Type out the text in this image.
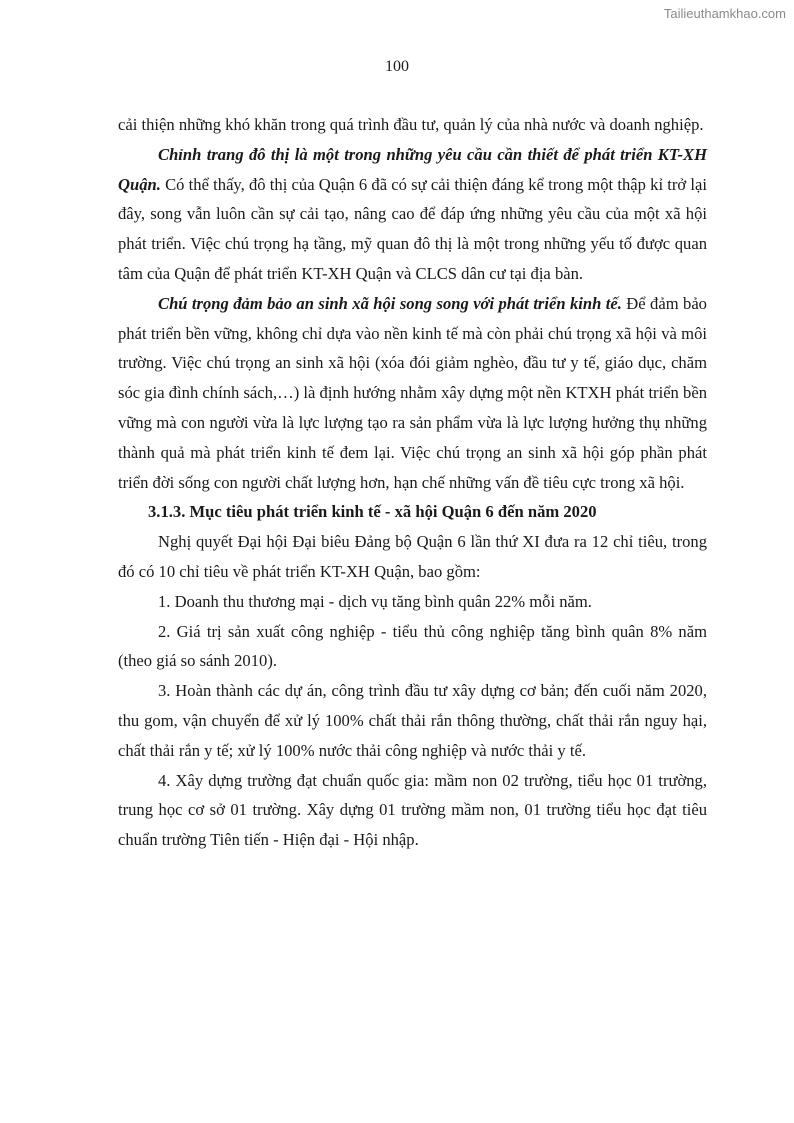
Tailieuthamkhao.com
100

cải thiện những khó khăn trong quá trình đầu tư, quản lý của nhà nước và doanh nghiệp.

Chỉnh trang đô thị là một trong những yêu cầu cần thiết để phát triển KT-XH Quận. Có thể thấy, đô thị của Quận 6 đã có sự cải thiện đáng kể trong một thập kỉ trở lại đây, song vẫn luôn cần sự cải tạo, nâng cao để đáp ứng những yêu cầu của một xã hội phát triển. Việc chú trọng hạ tầng, mỹ quan đô thị là một trong những yếu tố được quan tâm của Quận để phát triển KT-XH Quận và CLCS dân cư tại địa bàn.

Chú trọng đảm bảo an sinh xã hội song song với phát triển kinh tế. Để đảm bảo phát triển bền vững, không chỉ dựa vào nền kinh tế mà còn phải chú trọng xã hội và môi trường. Việc chú trọng an sinh xã hội (xóa đói giảm nghèo, đầu tư y tế, giáo dục, chăm sóc gia đình chính sách,…) là định hướng nhằm xây dựng một nền KTXH phát triển bền vững mà con người vừa là lực lượng tạo ra sản phẩm vừa là lực lượng hưởng thụ những thành quả mà phát triển kinh tế đem lại. Việc chú trọng an sinh xã hội góp phần phát triển đời sống con người chất lượng hơn, hạn chế những vấn đề tiêu cực trong xã hội.

3.1.3. Mục tiêu phát triển kinh tế - xã hội Quận 6 đến năm 2020

Nghị quyết Đại hội Đại biêu Đảng bộ Quận 6 lần thứ XI đưa ra 12 chỉ tiêu, trong đó có 10 chỉ tiêu về phát triển KT-XH Quận, bao gồm:

1. Doanh thu thương mại - dịch vụ tăng bình quân 22% mỗi năm.

2. Giá trị sản xuất công nghiệp - tiểu thủ công nghiệp tăng bình quân 8% năm (theo giá so sánh 2010).

3. Hoàn thành các dự án, công trình đầu tư xây dựng cơ bản; đến cuối năm 2020, thu gom, vận chuyển để xử lý 100% chất thải rắn thông thường, chất thải rắn nguy hại, chất thải rắn y tế; xử lý 100% nước thải công nghiệp và nước thải y tế.

4. Xây dựng trường đạt chuẩn quốc gia: mầm non 02 trường, tiểu học 01 trường, trung học cơ sở 01 trường. Xây dựng 01 trường mầm non, 01 trường tiểu học đạt tiêu chuẩn trường Tiên tiến - Hiện đại - Hội nhập.
